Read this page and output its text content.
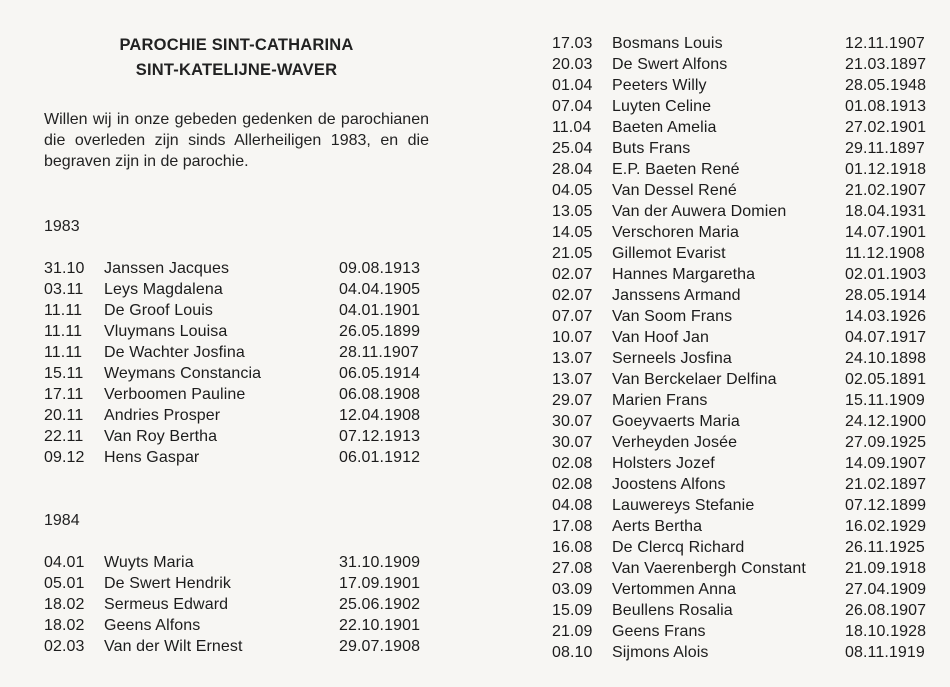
PAROCHIE SINT-CATHARINA
SINT-KATELIJNE-WAVER
Willen wij in onze gebeden gedenken de parochianen die overleden zijn sinds Allerheiligen 1983, en die begraven zijn in de parochie.
1983
31.10 Janssen Jacques	09.08.1913
03.11 Leys Magdalena	04.04.1905
11.11 De Groof Louis	04.01.1901
11.11 Vluymans Louisa	26.05.1899
11.11 De Wachter Josfina	28.11.1907
15.11 Weymans Constancia	06.05.1914
17.11 Verboomen Pauline	06.08.1908
20.11 Andries Prosper	12.04.1908
22.11 Van Roy Bertha	07.12.1913
09.12 Hens Gaspar	06.01.1912
1984
04.01 Wuyts Maria	31.10.1909
05.01 De Swert Hendrik	17.09.1901
18.02 Sermeus Edward	25.06.1902
18.02 Geens Alfons	22.10.1901
02.03 Van der Wilt Ernest	29.07.1908
17.03 Bosmans Louis	12.11.1907
20.03 De Swert Alfons	21.03.1897
01.04 Peeters Willy	28.05.1948
07.04 Luyten Celine	01.08.1913
11.04 Baeten Amelia	27.02.1901
25.04 Buts Frans	29.11.1897
28.04 E.P. Baeten René	01.12.1918
04.05 Van Dessel René	21.02.1907
13.05 Van der Auwera Domien	18.04.1931
14.05 Verschoren Maria	14.07.1901
21.05 Gillemot Evarist	11.12.1908
02.07 Hannes Margaretha	02.01.1903
02.07 Janssens Armand	28.05.1914
07.07 Van Soom Frans	14.03.1926
10.07 Van Hoof Jan	04.07.1917
13.07 Serneels Josfina	24.10.1898
13.07 Van Berckelaer Delfina	02.05.1891
29.07 Marien Frans	15.11.1909
30.07 Goeyvaerts Maria	24.12.1900
30.07 Verheyden Josée	27.09.1925
02.08 Holsters Jozef	14.09.1907
02.08 Joostens Alfons	21.02.1897
04.08 Lauwereys Stefanie	07.12.1899
17.08 Aerts Bertha	16.02.1929
16.08 De Clercq Richard	26.11.1925
27.08 Van Vaerenbergh Constant 21.09.1918
03.09 Vertommen Anna	27.04.1909
15.09 Beullens Rosalia	26.08.1907
21.09 Geens Frans	18.10.1928
08.10 Sijmons Alois	08.11.1919
